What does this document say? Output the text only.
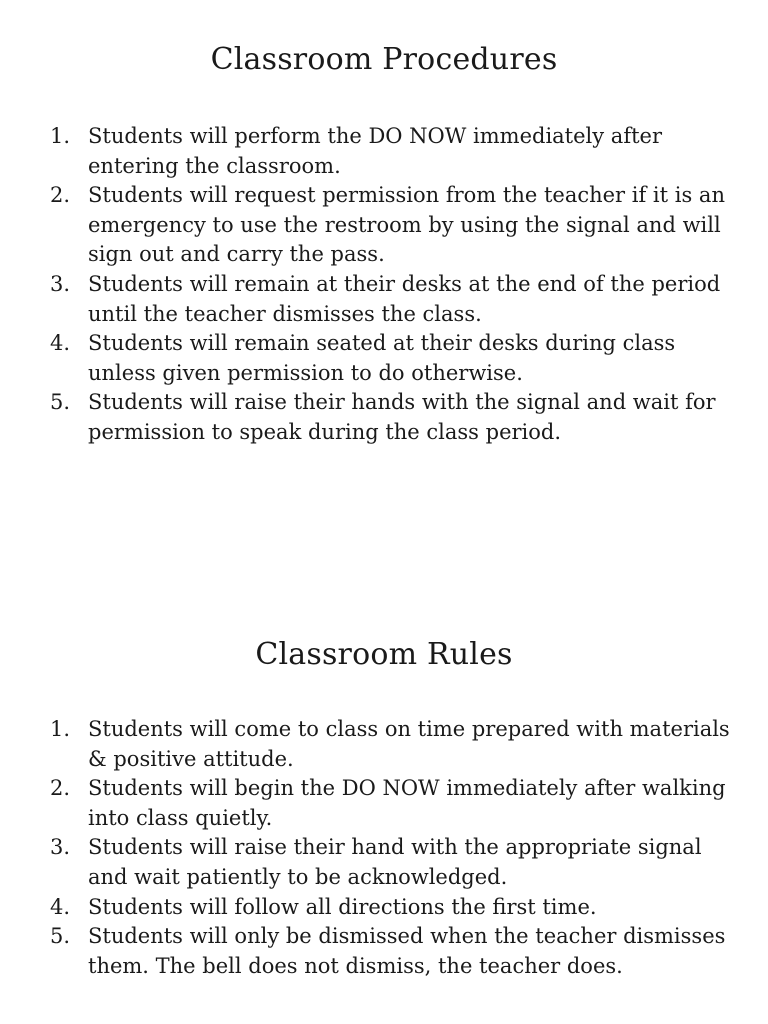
Classroom Procedures
1. Students will perform the DO NOW immediately after entering the classroom.
2. Students will request permission from the teacher if it is an emergency to use the restroom by using the signal and will sign out and carry the pass.
3. Students will remain at their desks at the end of the period until the teacher dismisses the class.
4. Students will remain seated at their desks during class unless given permission to do otherwise.
5. Students will raise their hands with the signal and wait for permission to speak during the class period.
Classroom Rules
1. Students will come to class on time prepared with materials & positive attitude.
2. Students will begin the DO NOW immediately after walking into class quietly.
3. Students will raise their hand with the appropriate signal and wait patiently to be acknowledged.
4. Students will follow all directions the first time.
5. Students will only be dismissed when the teacher dismisses them. The bell does not dismiss, the teacher does.
